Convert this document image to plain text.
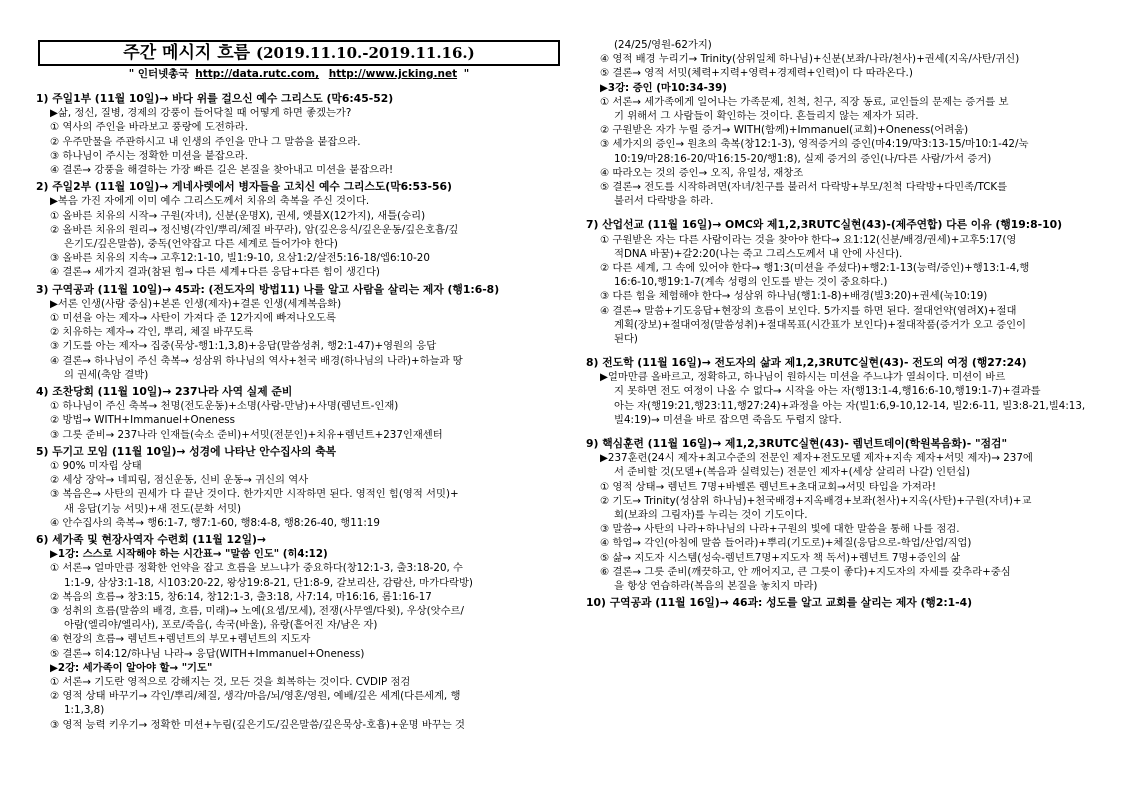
주간 메시지 흐름 (2019.11.10.-2019.11.16.)
" 인터넷총국 http://data.rutc.com, http://www.jcking.net "
1) 주일1부 (11월 10일)→ 바다 위를 걸으신 예수 그리스도 (막6:45-52)
▶삶, 정신, 질병, 경제의 강풍이 들어닥칠 때 어떻게 하면 좋겠는가?
① 역사의 주인을 바라보고 풍랑에 도전하라.
② 우주만물을 주관하시고 내 인생의 주인을 만나 그 말씀을 붙잡으라.
③ 하나님이 주시는 정확한 미션을 붙잡으라.
④ 결론→ 강풍을 해결하는 가장 빠른 길은 본질을 찾아내고 미션을 붙잡으라!
2) 주일2부 (11월 10일)→ 게네사렛에서 병자들을 고치신 예수 그리스도(막6:53-56)
▶복음 가진 자에게 이미 예수 그리스도께서 치유의 축복을 주신 것이다.
① 올바른 치유의 시작→ 구원(자녀), 신분(운명X), 권세, 엣블X(12가지), 새틀(승리)
② 올바른 치유의 원리→ 정신병(각인/뿌리/체질 바꾸라), 암(깊은응식/깊은운동/깊은호흡/깊
은기도/깊은말씀), 중독(언약잡고 다른 세계로 들어가야 한다)
③ 올바른 치유의 지속→ 고후12:1-10, 빌1:9-10, 요삼1:2/살전5:16-18/엡6:10-20
④ 결론→ 세가지 결과(참된 힘→ 다른 세계+다른 응답+다른 힘이 생긴다)
3) 구역공과 (11월 10일)→ 45과: (전도자의 방법11) 나를 알고 사람을 살리는 제자 (행1:6-8)
▶서론 인생(사람 중심)+본론 인생(제자)+결론 인생(세계복음화)
① 미션을 아는 제자→ 사탄이 가져다 준 12가지에 빠져나오도록
② 치유하는 제자→ 각인, 뿌리, 체질 바꾸도록
③ 기도를 아는 제자→ 집중(묵상-행1:1,3,8)+응답(말씀성취, 행2:1-47)+영원의 응답
④ 결론→ 하나님이 주신 축복→ 성삼위 하나님의 역사+천국 배경(하나님의 나라)+하늘과 땅
의 권세(축암 결박)
4) 조찬당회 (11월 10일)→ 237나라 사역 실제 준비
① 하나님이 주신 축복→ 천명(전도운동)+소명(사람-만남)+사명(렘넌트-인재)
② 방법→ WITH+Immanuel+Oneness
③ 그릇 준비→ 237나라 인재들(숙소 준비)+서밋(전문인)+치유+렘넌트+237인재센터
5) 두기고 모임 (11월 10일)→ 성경에 나타난 안수집사의 축복
① 90% 미자립 상태
② 세상 장악→ 네피림, 점신운동, 신비 운동→ 귀신의 역사
③ 복음은→ 사탄의 권세가 다 끝난 것이다. 한가지만 시작하면 된다. 영적인 힘(영적 서밋)+
새 응답(기능 서밋)+새 전도(문화 서밋)
④ 안수집사의 축복→ 행6:1-7, 행7:1-60, 행8:4-8, 행8:26-40, 행11:19
6) 세가족 및 현장사역자 수련회 (11월 12일)→
▶1강: 스스로 시작해야 하는 시간표→ "말씀 인도" (히4:12)
① 서론→ 얼마만큼 정확한 언약을 잡고 흐름을 보느냐가 중요하다(창12:1-3, 출3:18-20, 수
1:1-9, 삼상3:1-18, 시103:20-22, 왕상19:8-21, 단1:8-9, 갈보리산, 감람산, 마가다락방)
② 복음의 흐름→ 창3:15, 창6:14, 창12:1-3, 출3:18, 사7:14, 마16:16, 롬1:16-17
③ 성취의 흐름(말씀의 배경, 흐름, 미래)→ 노예(요셉/모세), 전쟁(사무엘/다윗), 우상(앗수르/
아람(엘리야/엘리사), 포로/죽음(, 속국(바울), 유랑(흩어진 자/남은 자)
④ 현장의 흐름→ 렘넌트+렘넌트의 부모+렘넌트의 지도자
⑤ 결론→ 히4:12/하나님 나라→ 응답(WITH+Immanuel+Oneness)
▶2강: 세가족이 알아야 할→ "기도"
① 서론→ 기도란 영적으로 강해지는 것, 모든 것을 회복하는 것이다. CVDIP 점검
② 영적 상태 바꾸기→ 각인/뿌리/체질, 생각/마음/뇌/영혼/영원, 예배/깊은 세계(다른세계, 행
1:1,3,8)
③ 영적 능력 키우기→ 정확한 미션+누림(깊은기도/깊은말씀/깊은묵상-호흡)+운명 바꾸는 것
(24/25/영원-62가지)
④ 영적 배경 누리기→ Trinity(삼위일체 하나님)+신분(보좌/나라/천사)+권세(지옥/사탄/귀신)
⑤ 결론→ 영적 서밋(체력+지력+영력+경제력+인력)이 다 따라온다.)
▶3강: 증인 (마10:34-39)
① 서론→ 세가족에게 일어나는 가족문제, 친척, 친구, 직장 동료, 교인들의 문제는 증거를 보
기 위해서 그 사람들이 확인하는 것이다. 흔들리지 않는 제자가 되라.
② 구원받은 자가 누릴 증거→ WITH(함께)+Immanuel(교회)+Oneness(어려움)
③ 세가지의 증인→ 원초의 축복(창12:1-3), 영적증거의 증인(마4:19/막3:13-15/마10:1-42/눅
10:19/마28:16-20/막16:15-20/행1:8), 실제 증거의 증인(나/다른 사람/가서 증거)
④ 따라오는 것의 증인→ 오직, 유일성, 재창조
⑤ 결론→ 전도를 시작하려면(자녀/친구를 불러서 다락방+부모/친척 다락방+다민족/TCK를
불러서 다락방을 하라.
7) 산업선교 (11월 16일)→ OMC와 제1,2,3RUTC실현(43)-(제주연합) 다른 이유 (행19:8-10)
① 구원받은 자는 다른 사람이라는 것을 찾아야 한다→ 요1:12(신분/배경/권세)+고후5:17(영
적DNA 바꿈)+갈2:20(나는 죽고 그리스도께서 내 안에 사신다).
② 다른 세계, 그 속에 있어야 한다→ 행1:3(미션을 주셨다)+행2:1-13(능력/증인)+행13:1-4,행
16:6-10,행19:1-7(계속 성령의 인도를 받는 것이 중요하다.)
③ 다른 힘을 체험해야 한다→ 성삼위 하나님(행1:1-8)+배경(빌3:20)+권세(눅10:19)
④ 결론→ 말씀+기도응답+현장의 흐름이 보인다. 5가지를 하면 된다. 절대언약(염려X)+절대
계획(장보)+절대여정(말씀성취)+절대목표(시간표가 보인다)+절대작품(증거가 오고 증인이
된다)
8) 전도학 (11월 16일)→ 전도자의 삶과 제1,2,3RUTC실현(43)- 전도의 여정 (행27:24)
▶얼마만큼 올바르고, 정확하고, 하나님이 원하시는 미션을 주느냐가 열쇠이다. 미션이 바르
지 못하면 전도 여정이 나올 수 없다→ 시작을 아는 자(행13:1-4,행16:6-10,행19:1-7)+결과를
아는 자(행19:21,행23:11,행27:24)+과정을 아는 자(빌1:6,9-10,12-14, 빌2:6-11, 빌3:8-21,빌4:13,
빌4:19)→ 미션을 바로 잡으면 죽음도 두렵지 않다.
9) 핵심훈련 (11월 16일)→ 제1,2,3RUTC실현(43)- 렘넌트데이(학원복음화)- "점검"
▶237훈련(24시 제자+최고수준의 전문인 제자+전도모델 제자+지속 제자+서밋 제자)→ 237에
서 준비할 것(모델+(복음과 실력있는) 전문인 제자+(세상 살리러 나갈) 인턴십)
① 영적 상태→ 렘넌트 7명+바벨론 렘넌트+초대교회→서밋 타입을 가져라!
② 기도→ Trinity(성삼위 하나님)+천국배경+지옥배경+보좌(천사)+지옥(사탄)+구원(자녀)+교
회(보좌의 그림자)를 누리는 것이 기도이다.
③ 말씀→ 사탄의 나라+하나님의 나라+구원의 빛에 대한 말씀을 통해 나를 점검.
④ 학업→ 각인(아침에 말씀 들어라)+뿌리(기도로)+체질(응답으로-학업/산업/직업)
⑤ 삶→ 지도자 시스템(성숙-렘넌트7명+지도자 책 독서)+렘넌트 7명+증인의 삶
⑥ 결론→ 그릇 준비(깨끗하고, 안 깨어지고, 큰 그릇이 좋다)+지도자의 자세를 갖추라+중심
을 항상 연습하라(복음의 본질을 놓치지 마라)
10) 구역공과 (11월 16일)→ 46과: 성도를 알고 교회를 살리는 제자 (행2:1-4)
